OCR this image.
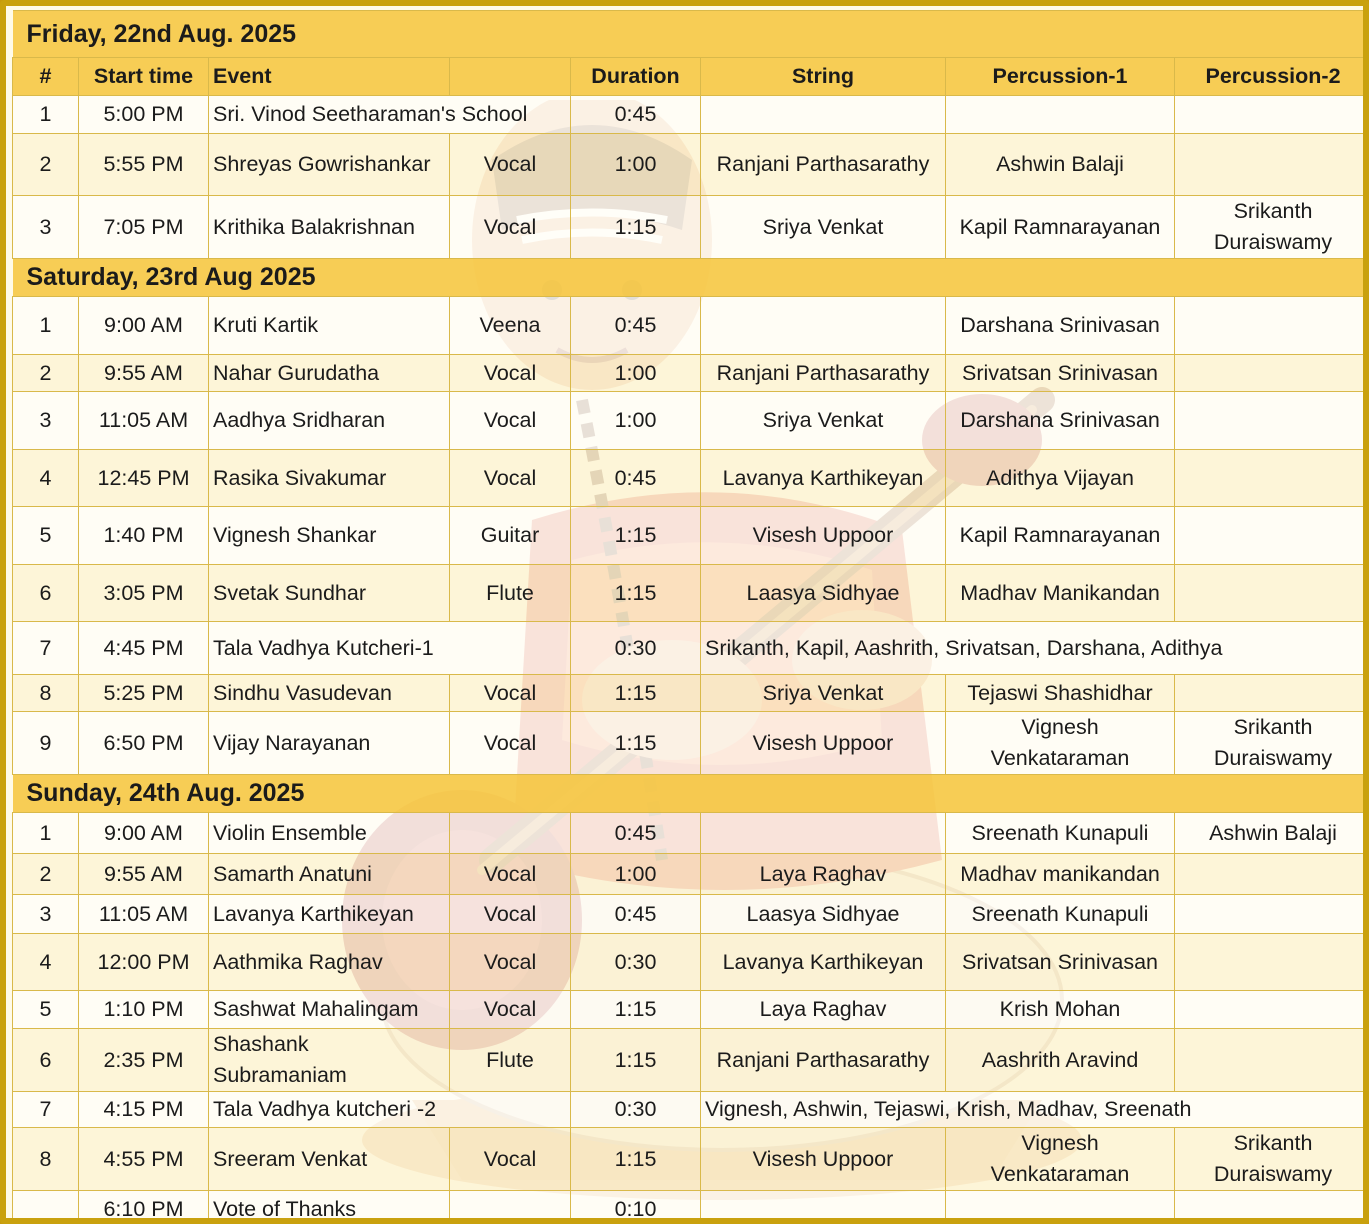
Friday, 22nd Aug. 2025							
#	Start time	Event		Duration	String	Percussion-1	Percussion-2
1	5:00 PM	Sri. Vinod Seetharaman's School		0:45			
2	5:55 PM	Shreyas Gowrishankar	Vocal	1:00	Ranjani Parthasarathy	Ashwin Balaji	
3	7:05 PM	Krithika Balakrishnan	Vocal	1:15	Sriya Venkat	Kapil Ramnarayanan	Srikanth Duraiswamy
Saturday, 23rd Aug 2025							
1	9:00 AM	Kruti Kartik	Veena	0:45		Darshana Srinivasan	
2	9:55 AM	Nahar Gurudatha	Vocal	1:00	Ranjani Parthasarathy	Srivatsan Srinivasan	
3	11:05 AM	Aadhya Sridharan	Vocal	1:00	Sriya Venkat	Darshana Srinivasan	
4	12:45 PM	Rasika Sivakumar	Vocal	0:45	Lavanya Karthikeyan	Adithya Vijayan	
5	1:40 PM	Vignesh Shankar	Guitar	1:15	Visesh Uppoor	Kapil Ramnarayanan	
6	3:05 PM	Svetak Sundhar	Flute	1:15	Laasya Sidhyae	Madhav Manikandan	
7	4:45 PM	Tala Vadhya Kutcheri-1		0:30	Srikanth, Kapil, Aashrith, Srivatsan, Darshana, Adithya		
8	5:25 PM	Sindhu Vasudevan	Vocal	1:15	Sriya Venkat	Tejaswi Shashidhar	
9	6:50 PM	Vijay Narayanan	Vocal	1:15	Visesh Uppoor	Vignesh Venkataraman	Srikanth Duraiswamy
Sunday, 24th Aug. 2025							
1	9:00 AM	Violin Ensemble		0:45		Sreenath Kunapuli	Ashwin Balaji
2	9:55 AM	Samarth Anatuni	Vocal	1:00	Laya Raghav	Madhav manikandan	
3	11:05 AM	Lavanya Karthikeyan	Vocal	0:45	Laasya Sidhyae	Sreenath Kunapuli	
4	12:00 PM	Aathmika Raghav	Vocal	0:30	Lavanya Karthikeyan	Srivatsan Srinivasan	
5	1:10 PM	Sashwat Mahalingam	Vocal	1:15	Laya Raghav	Krish Mohan	
6	2:35 PM	Shashank Subramaniam	Flute	1:15	Ranjani Parthasarathy	Aashrith Aravind	
7	4:15 PM	Tala Vadhya kutcheri -2		0:30	Vignesh, Ashwin, Tejaswi, Krish, Madhav, Sreenath		
8	4:55 PM	Sreeram Venkat	Vocal	1:15	Visesh Uppoor	Vignesh Venkataraman	Srikanth Duraiswamy
	6:10 PM	Vote of Thanks		0:10			
